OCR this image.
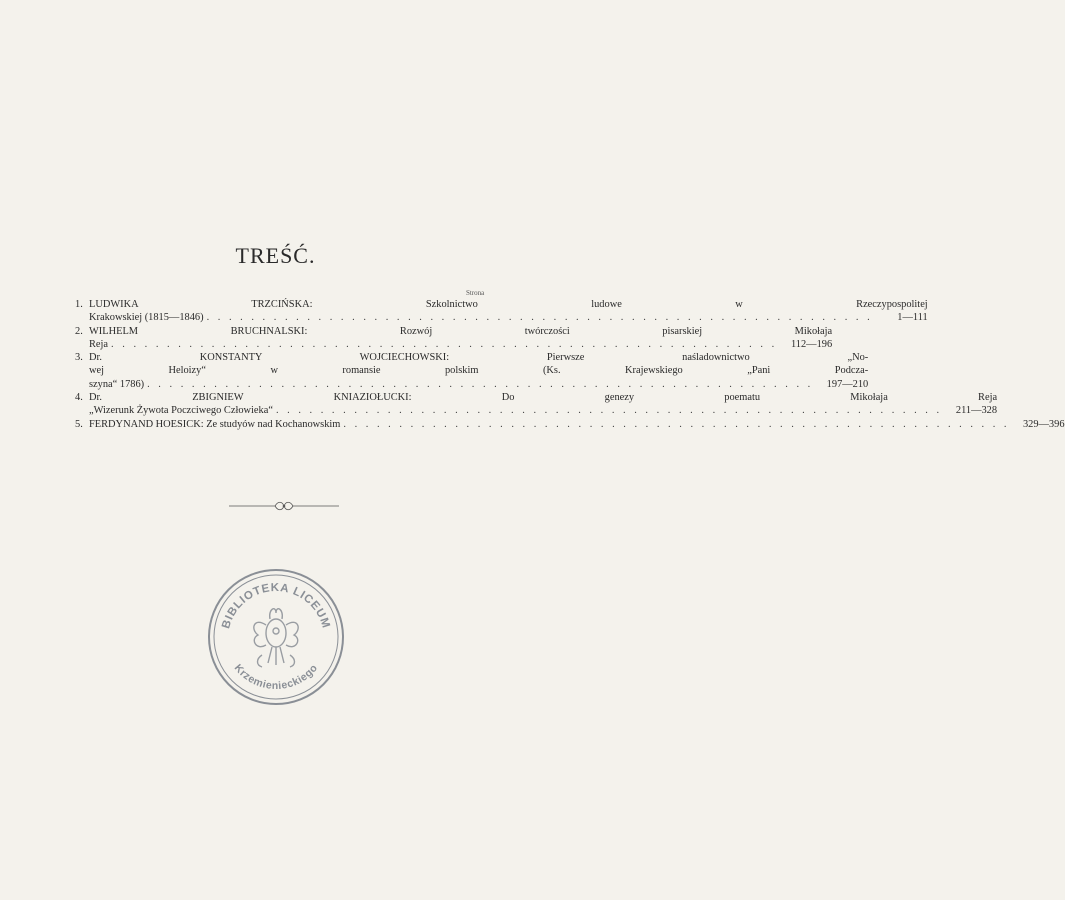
TREŚĆ.
Strona
1. LUDWIKA TRZCIŃSKA: Szkolnictwo ludowe w Rzeczypospolitej
Krakowskiej (1815—1846) . . . . . . . . . . . . . . . . . . . . . . . . . . . . . . . . . . . . . . . . . . . . . . . . . . . . . . . . . . . .	1—111
2. WILHELM BRUCHNALSKI: Rozwój twórczości pisarskiej Mikołaja
Reja . . . . . . . . . . . . . . . . . . . . . . . . . . . . . . . . . . . . . . . . . . . . . . . . . . . . . . . . . . . .	112—196
3. Dr. KONSTANTY WOJCIECHOWSKI: Pierwsze naśladownictwo „No-
wej Heloizy“ w romansie polskim (Ks. Krajewskiego „Pani Podcza-
szyna“ 1786) . . . . . . . . . . . . . . . . . . . . . . . . . . . . . . . . . . . . . . . . . . . . . . . . . . . . . . . . . . . .	197—210
4. Dr. ZBIGNIEW KNIAZIOŁUCKI: Do genezy poematu Mikołaja Reja
„Wizerunk Żywota Poczciwego Człowieka“ . . . . . . . . . . . . . . . . . . . . . . . . . . . . . . . . . . . . . . . . . . . . . . . . . . . . . . . . . . . .	211—328
5. FERDYNAND HOESICK: Ze studyów nad Kochanowskim . . . . . . . . . . . . . . . . . . . . . . . . . . . . . . . . . . . . . . . . . . . . . . . . . . . . . . . . . . . .	329—396
BIBLIOTEKA LICEUM
Krzemienieckiego
